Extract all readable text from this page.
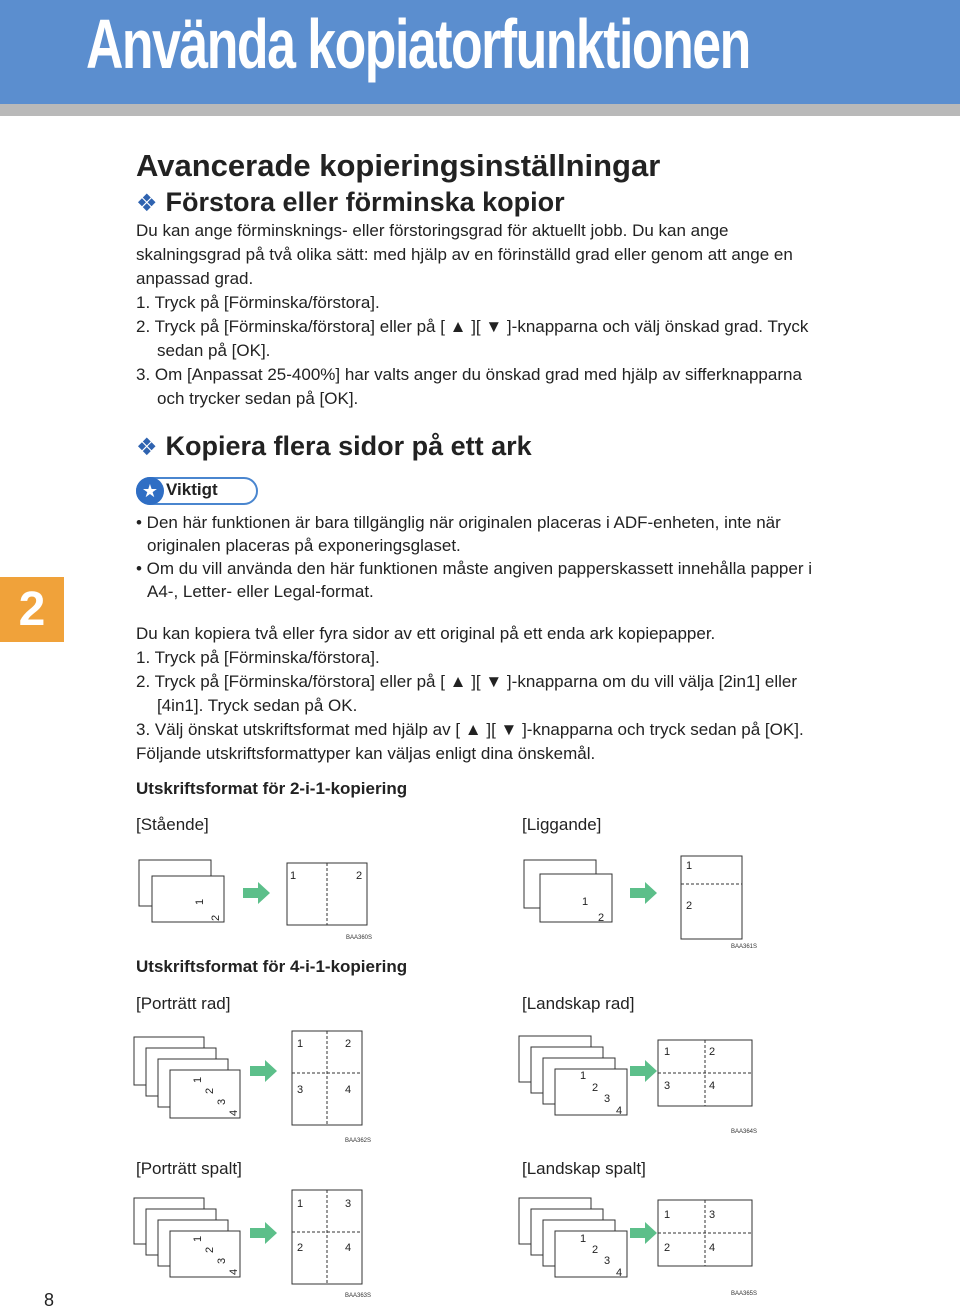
Använda kopiatorfunktionen
2
8
Avancerade kopieringsinställningar
❖ Förstora eller förminska kopior
Du kan ange förminsknings- eller förstoringsgrad för aktuellt jobb. Du kan ange
skalningsgrad på två olika sätt: med hjälp av en förinställd grad eller genom att ange en
anpassad grad.
1. Tryck på [Förminska/förstora].
2. Tryck på [Förminska/förstora] eller på [ ▲ ][ ▼ ]-knapparna och välj önskad grad. Tryck
sedan på [OK].
3. Om [Anpassat 25-400%] har valts anger du önskad grad med hjälp av sifferknapparna
och trycker sedan på [OK].
❖ Kopiera flera sidor på ett ark
★ Viktigt
• Den här funktionen är bara tillgänglig när originalen placeras i ADF-enheten, inte när
originalen placeras på exponeringsglaset.
• Om du vill använda den här funktionen måste angiven papperskassett innehålla papper i
A4-, Letter- eller Legal-format.
Du kan kopiera två eller fyra sidor av ett original på ett enda ark kopiepapper.
1. Tryck på [Förminska/förstora].
2. Tryck på [Förminska/förstora] eller på [ ▲ ][ ▼ ]-knapparna om du vill välja [2in1] eller
[4in1]. Tryck sedan på OK.
3. Välj önskat utskriftsformat med hjälp av [ ▲ ][ ▼ ]-knapparna och tryck sedan på [OK].
Följande utskriftsformattyper kan väljas enligt dina önskemål.
Utskriftsformat för 2-i-1-kopiering
[Stående]	[Liggande]
Utskriftsformat för 4-i-1-kopiering
[Porträtt rad]	[Landskap rad]
[Porträtt spalt]	[Landskap spalt]
1
2
1	2
BAA360S
1
2
1
2
BAA361S
1
2
3
4
1	2
3	4
BAA362S
1
2
3
4
1	2
3	4
BAA364S
1
2
3
4
1	3
2	4
BAA363S
1
2
3
4
1	3
2	4
BAA365S
